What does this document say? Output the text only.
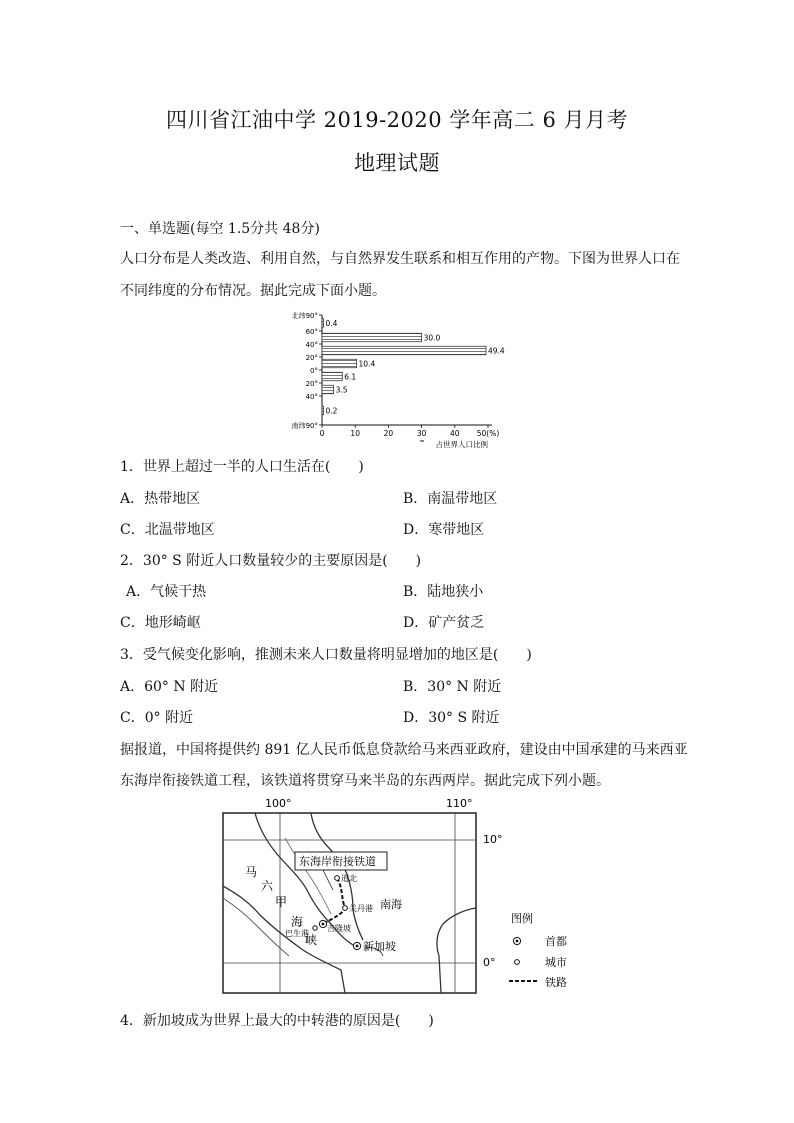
四川省江油中学 2019-2020 学年高二 6 月月考
地理试题
一、单选题(每空 1.5分共 48分)
人口分布是人类改造、利用自然，与自然界发生联系和相互作用的产物。下图为世界人口在
不同纬度的分布情况。据此完成下面小题。
北纬90°
60°
40°
20°
0°
20°
40°
南纬90°
0	10	20	30	40 50(%)
占世界人口比例
0.4
30.0
49.4
10.4
6.1
3.5
0.2
1．世界上超过一半的人口生活在(　　)
A．热带地区	B．南温带地区
C．北温带地区	D．寒带地区
2．30° S 附近人口数量较少的主要原因是(　　)
A．气候干热	B．陆地狭小
C．地形崎岖	D．矿产贫乏
3．受气候变化影响，推测未来人口数量将明显增加的地区是(　　)
A．60° N 附近	B．30° N 附近
C．0° 附近	D．30° S 附近
据报道，中国将提供约 891 亿人民币低息贷款给马来西亚政府，建设由中国承建的马来西亚
东海岸衔接铁道工程，该铁道将贯穿马来半岛的东西两岸。据此完成下列小题。
100°	110°
10°
0°
东海岸衔接铁道
道北
关丹港
吉隆坡
巴生港
新加坡
南海
马
六
甲
海
峡
图例
首都
城市
铁路
4．新加坡成为世界上最大的中转港的原因是(　　)
